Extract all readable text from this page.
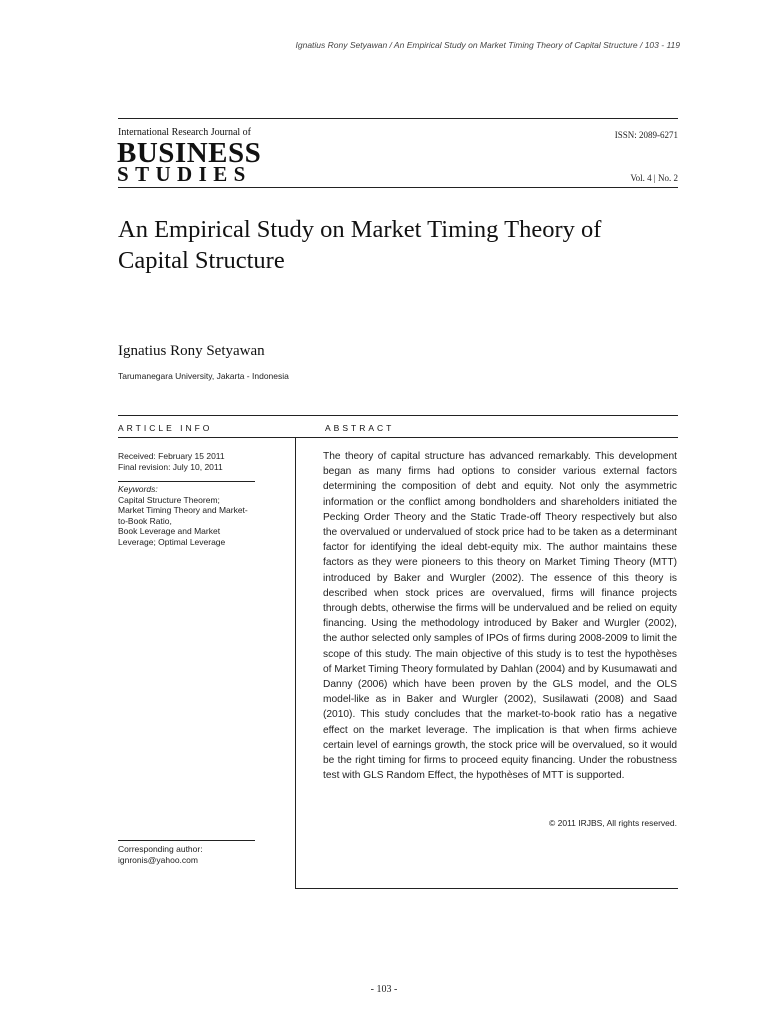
Ignatius Rony Setyawan / An Empirical Study on Market Timing Theory of Capital Structure / 103 - 119
International Research Journal of
BUSINESS
STUDIES
ISSN: 2089-6271
Vol. 4 | No. 2
An Empirical Study on Market Timing Theory of Capital Structure
Ignatius Rony Setyawan
Tarumanegara University, Jakarta - Indonesia
ARTICLE INFO	ABSTRACT
Received: February 15 2011
Final revision: July 10, 2011
Keywords:
Capital Structure Theorem;
Market Timing Theory and Market-
to-Book Ratio,
Book Leverage and Market
Leverage; Optimal Leverage
Corresponding author:
ignronis@yahoo.com
The theory of capital structure has advanced remarkably. This development began as many firms had options to consider various external factors determining the composition of debt and equity. Not only the asymmetric information or the conflict among bondholders and shareholders initiated the Pecking Order Theory and the Static Trade-off Theory respectively but also the overvalued or undervalued of stock price had to be taken as a determinant factor for identifying the ideal debt-equity mix. The author maintains these factors as they were pioneers to this theory on Market Timing Theory (MTT) introduced by Baker and Wurgler (2002). The essence of this theory is described when stock prices are overvalued, firms will finance projects through debts, otherwise the firms will be undervalued and be relied on equity financing. Using the methodology introduced by Baker and Wurgler (2002), the author selected only samples of IPOs of firms during 2008-2009 to limit the scope of this study. The main objective of this study is to test the hypothèses of Market Timing Theory formulated by Dahlan (2004) and by Kusumawati and Danny (2006) which have been proven by the GLS model, and the OLS model-like as in Baker and Wurgler (2002), Susilawati (2008) and Saad (2010). This study concludes that the market-to-book ratio has a negative effect on the market leverage. The implication is that when firms achieve certain level of earnings growth, the stock price will be overvalued, so it would be the right timing for firms to proceed equity financing. Under the robustness test with GLS Random Effect, the hypothèses of MTT is supported.
© 2011 IRJBS, All rights reserved.
- 103 -
